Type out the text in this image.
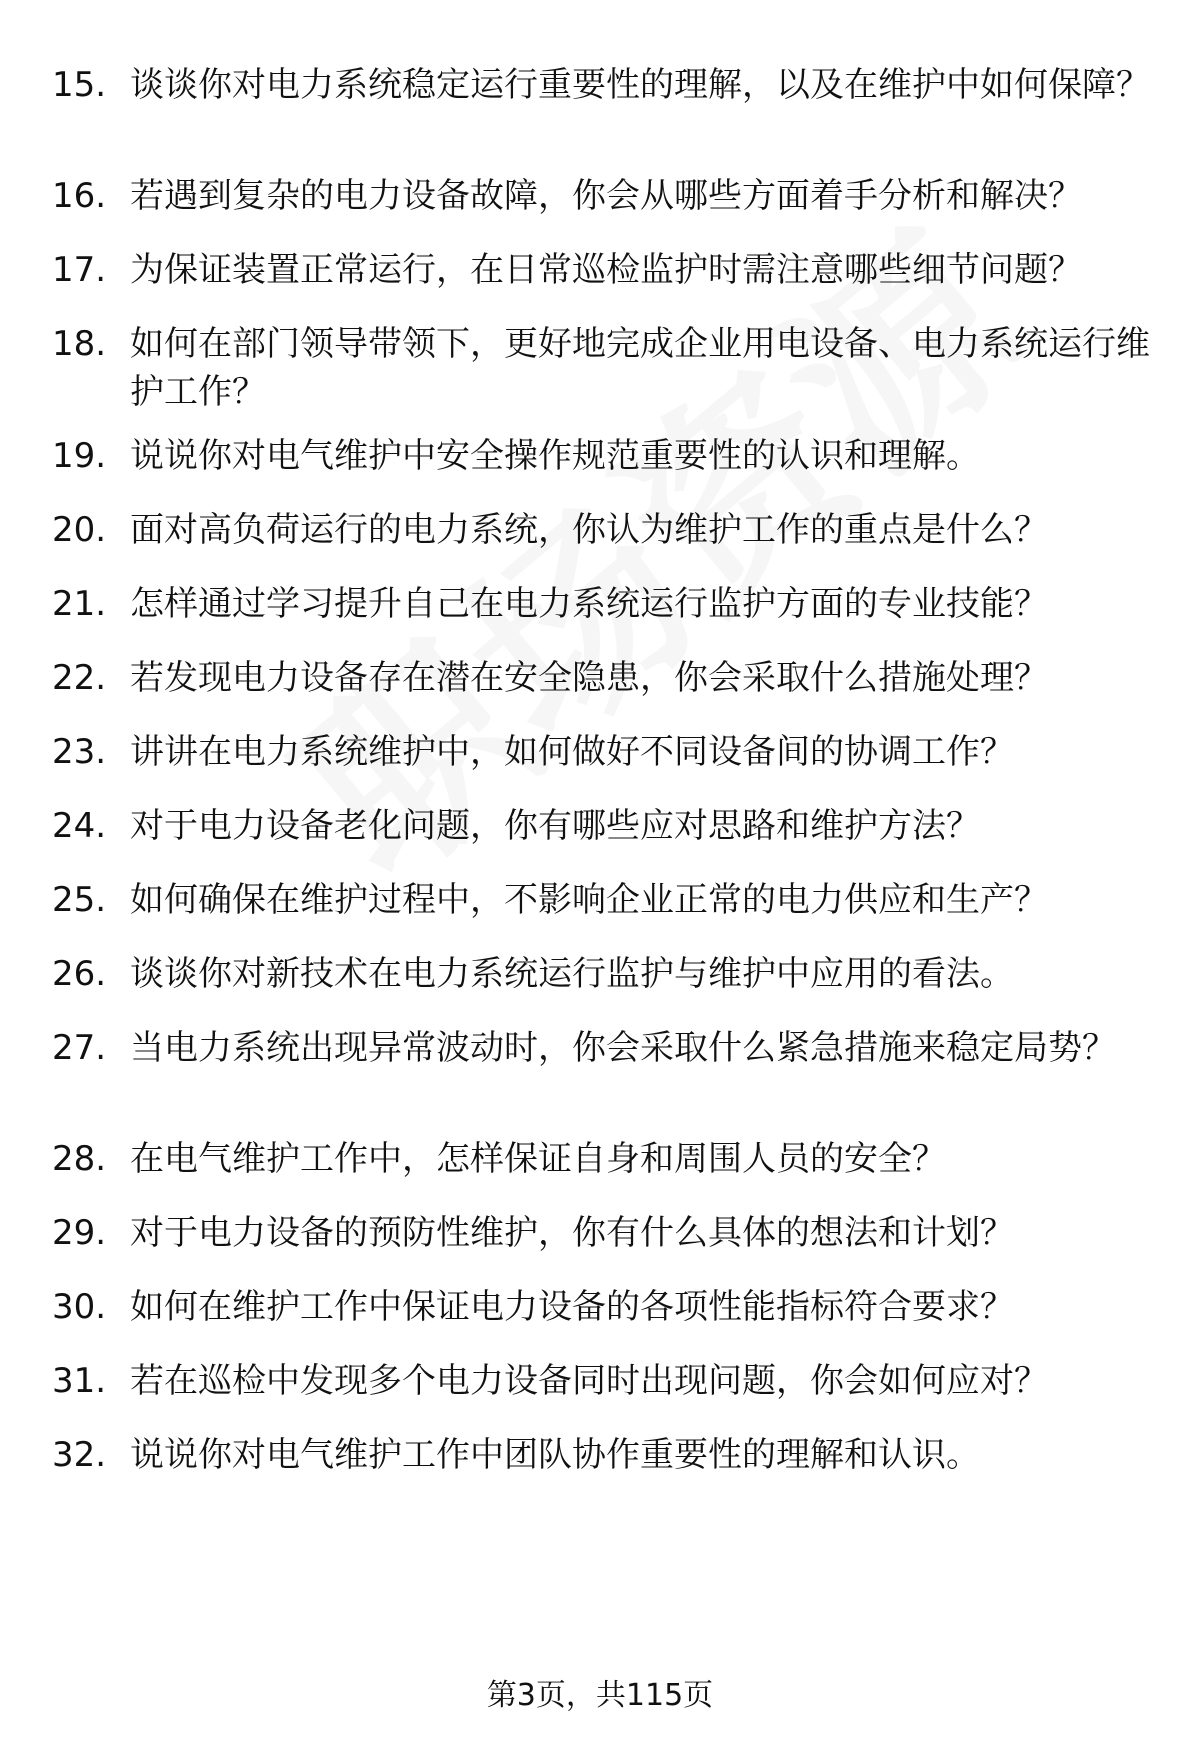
15. 谈谈你对电力系统稳定运行重要性的理解，以及在维护中如何保障？
16. 若遇到复杂的电力设备故障，你会从哪些方面着手分析和解决？
17. 为保证装置正常运行，在日常巡检监护时需注意哪些细节问题？
18. 如何在部门领导带领下，更好地完成企业用电设备、电力系统运行维护工作？
19. 说说你对电气维护中安全操作规范重要性的认识和理解。
20. 面对高负荷运行的电力系统，你认为维护工作的重点是什么？
21. 怎样通过学习提升自己在电力系统运行监护方面的专业技能？
22. 若发现电力设备存在潜在安全隐患，你会采取什么措施处理？
23. 讲讲在电力系统维护中，如何做好不同设备间的协调工作？
24. 对于电力设备老化问题，你有哪些应对思路和维护方法？
25. 如何确保在维护过程中，不影响企业正常的电力供应和生产？
26. 谈谈你对新技术在电力系统运行监护与维护中应用的看法。
27. 当电力系统出现异常波动时，你会采取什么紧急措施来稳定局势？
28. 在电气维护工作中，怎样保证自身和周围人员的安全？
29. 对于电力设备的预防性维护，你有什么具体的想法和计划？
30. 如何在维护工作中保证电力设备的各项性能指标符合要求？
31. 若在巡检中发现多个电力设备同时出现问题，你会如何应对？
32. 说说你对电气维护工作中团队协作重要性的理解和认识。
第3页，共115页
